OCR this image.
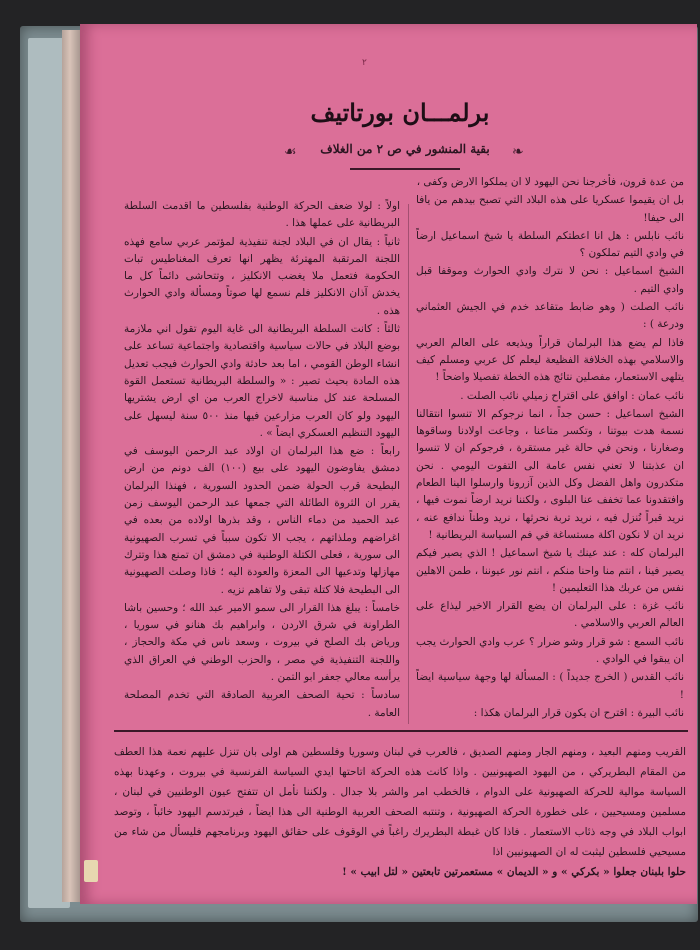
٢
برلمـــان بورتاتيف
❧
بقية المنشور في ص ٢ من الغلاف
☙

من عدة قرون، فأخرجنا نحن اليهود لا ان يملكوا الارض وكفى ،

بل ان يقيموا عسكريا على هذه البلاد التي تصبح بيدهم من يافا الى حيفا!

نائب نابلس : هل انا اعطتكم السلطة يا شيخ اسماعيل ارضاً في وادي التيم تملكون ؟

الشيخ اسماعيل : نحن لا نترك وادي الحوارث وموقفا قبل وادي التيم .

نائب الصلت ( وهو ضابط متقاعد خدم في الجيش العثماني ودرعة ) :

فاذا لم يضع هذا البرلمان قراراً ويذيعه على العالم العربي والاسلامي بهذه الخلافة الفظيعة ليعلم كل عربي ومسلم كيف يتلهى الاستعمار، مفصلين نتائج هذه الخطة تفصيلا واضحاً !

نائب عمان : اوافق على اقتراح زميلي نائب الصلت .

الشيخ اسماعيل : حسن جداً ، انما نرجوكم الا تنسوا انتقالنا نسمة هدت بيوتنا ، وتكسر متاعنا ، وجاعت اولادنا وساقوها وصغارنا ، ونحن في حالة غير مستقرة ، فرجوكم ان لا تنسوا ان عذبتنا لا تعني نفس عامة الى التفوت اليومي . نحن متكدرون واهل الفضل وكل الذين آزرونا وارسلوا الينا الطعام وافتقدونا عما تخفف عنا البلوى ، ولكننا نريد ارضاً نموت فيها ، نريد قبراً نُنزل فيه ، نريد تربة نحرثها ، نريد وطناً ندافع عنه ، نريد ان لا نكون اكلة مستساغة في فم السياسة البريطانية !

البرلمان كله : عند عينك يا شيخ اسماعيل ! الذي يصير فيكم يصير فينا ، انتم منا واحنا منكم ، انتم نور عيوننا ، طمن الاهلين نفس من عربك هذا التعليمين !

نائب غزة : على البرلمان ان يضع القرار الاخير ليذاع على العالم العربي والاسلامي .

نائب السمع : شو قرار وشو ضرار ؟ عرب وادي الحوارث يجب ان يبقوا في الوادي .

نائب القدس ( الخرج جديداً ) : المسألة لها وجهة سياسية ايضاً !

نائب البيرة : اقترح ان يكون قرار البرلمان هكذا :

اولاً : لولا ضعف الحركة الوطنية بفلسطين ما اقدمت السلطة البريطانية على عملها هذا .

ثانياً : يقال ان في البلاد لجنة تنفيذية لمؤتمر عربي سامع فهذه اللجنة المرتقبة المهترئة يظهر انها تعرف المغناطيس تبات الحكومة فتعمل ملا يغضب الانكليز ، وتتحاشى دائماً كل ما يخدش آذان الانكليز فلم نسمع لها صوتاً ومسألة وادي الحوارث هذه .

ثالثاً : كانت السلطة البريطانية الى غاية اليوم تقول اني ملازمة بوضع البلاد في حالات سياسية واقتصادية واجتماعية تساعد على انشاء الوطن القومي ، اما بعد حادثة وادي الحوارث فيجب تعديل هذه المادة بحيث تصير : « والسلطة البريطانية تستعمل القوة المسلحة عند كل مناسبة لاخراج العرب من اي ارض يشتريها اليهود ولو كان العرب مزارعين فيها منذ ٥٠٠ سنة ليسهل على اليهود التنظيم العسكري ايضاً » .

رابعاً : ضع هذا البرلمان ان اولاد عبد الرحمن اليوسف في دمشق يفاوضون اليهود على بيع (١٠٠) الف دونم من ارض البطيحة قرب الحولة ضمن الحدود السورية ، فهنذا البرلمان يقرر ان الثروة الطائلة التي جمعها عبد الرحمن اليوسف زمن عبد الحميد من دماء الناس ، وقد بذرها اولاده من بعده في اغراضهم وملذاتهم ، يجب الا تكون سبباً في تسرب الصهيونية الى سورية ، فعلى الكتلة الوطنية في دمشق ان تمنع هذا وتترك مهازلها وتدعيها الى المعزة والعودة اليه ؛ فاذا وصلت الصهيونية الى البطيحة فلا كتلة تبقى ولا تفاهم نزيه .

خامساً : يبلغ هذا القرار الى سمو الامير عبد الله ؛ وحسين باشا الطراونة في شرق الاردن ، وابراهيم بك هنانو في سوريا ، ورياض بك الصلح في بيروت ، وسعد ناس في مكة والحجاز ، واللجنة التنفيذية في مصر ، والحزب الوطني في العراق الذي يرأسه معالي جعفر ابو التمن .

سادساً : تحية الصحف العربية الصادقة التي تخدم المصلحة العامة .

القريب ومنهم البعيد ، ومنهم الجار ومنهم الصديق ، فالعرب في لبنان وسوريا وفلسطين هم اولى بان تنزل عليهم نعمة هذا العطف من المقام البطريركي ، من اليهود الصهيونيين . واذا كانت هذه الحركة اتاحتها ايدي السياسة الفرنسية في بيروت ، وعهدنا بهذه السياسة موالية للحركة الصهيونية على الدوام ، فالخطب امر والشر بلا جدال . ولكننا نأمل ان تتفتح عيون الوطنيين في لبنان ، مسلمين ومسيحيين ، على خطورة الحركة الصهيونية ، وتنتبه الصحف العربية الوطنية الى هذا ايضاً ، فيرتدسم اليهود خائباً ، وتوصد ابواب البلاد في وجه ذئاب الاستعمار . فاذا كان غبطة البطريرك راغباً في الوقوف على حقائق اليهود وبرنامجهم فليسأل من شاء من مسيحيي فلسطين ليثبت له ان الصهيونيين اذا

حلوا بلبنان جعلوا « بكركي » و « الديمان » مستعمرتين تابعتين « لتل ابيب » !
